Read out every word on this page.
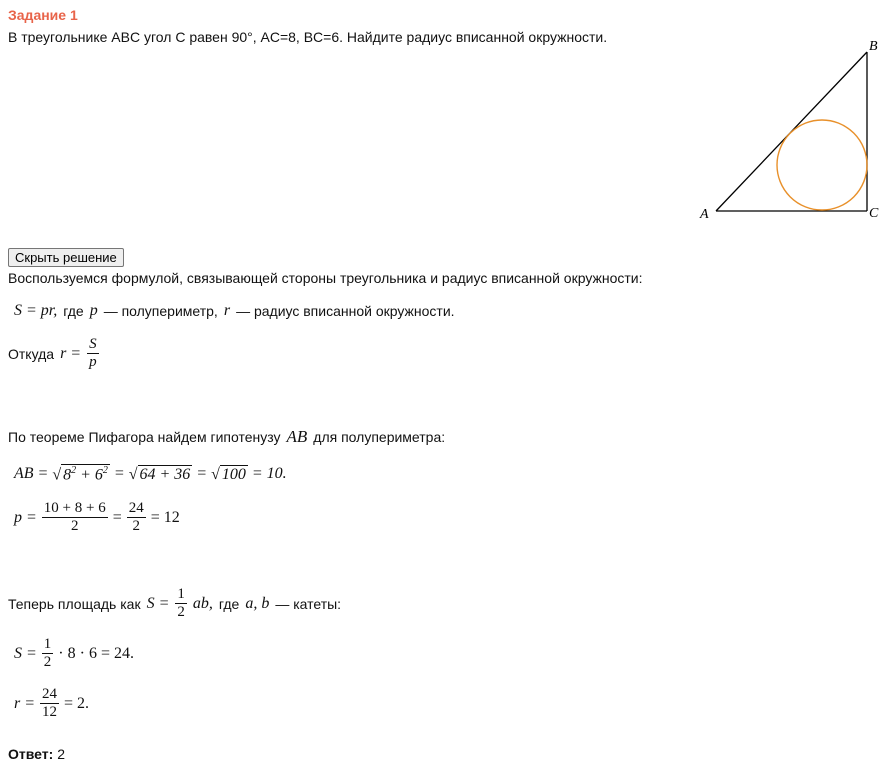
Задание 1
В треугольнике ABC угол C равен 90°, AC=8, BC=6. Найдите радиус вписанной окружности.
A
B
C
Скрыть решение
Воспользуемся формулой, связывающей стороны треугольника и радиус вписанной окружности:
S = pr, где p — полупериметр, r — радиус вписанной окружности.
Откуда $r = \frac{S}{p}$
По теореме Пифагора найдем гипотенузу AB для полупериметра:
AB = √ $8^2 + 6^2$ = √ 64 + 36 = √ 100 = 10.
$p = \frac{10 + 8 + 6}{2} = \frac{24}{2} = 12$
Теперь площадь как $S = \frac{1}{2}$ ab, где a, b — катеты:
$S = \frac{1}{2} \cdot 8 \cdot 6 = 24$.
$r = \frac{24}{12} = 2$.
Ответ: 2
